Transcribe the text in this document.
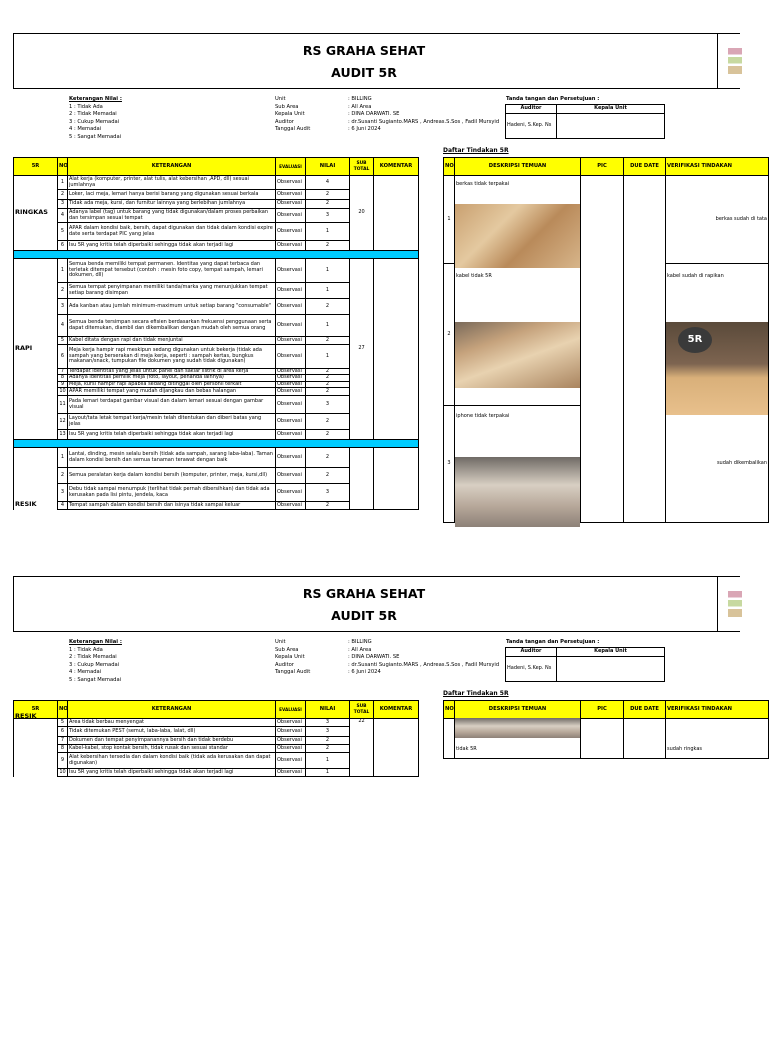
RS GRAHA SEHAT
AUDIT 5R
Keterangan Nilai :
1 : Tidak Ada
2 : Tidak Memadai
3 : Cukup Memadai
4 : Memadai
5 : Sangat Memadai
Unit
Sub Area
Kepala Unit
Auditor
Tanggal Audit
: BILLING
: All Area
: DINA DARWATI. SE
: dr.Susanti Sugianto.MARS , Andreas.S.Sos , Fadil Mursyid
: 6 Juni 2024
Tanda tangan dan Persetujuan :
Auditor	Kepala Unit
Hadeni, S.Kep. Ns	
5R	NO	KETERANGAN	EVALUASI	NILAI	SUB TOTAL	KOMENTAR
RINGKAS	1	Alat kerja (komputer, printer, alat tulis, alat kebersihan ,APD, dll) sesuai jumlahnya	Observasi	4	20	
	2	Loker, laci meja, lemari hanya berisi barang yang digunakan sesuai berkala	Observasi	2		
	3	Tidak ada meja, kursi, dan furnitur lainnya yang berlebihan jumlahnya	Observasi	2		
	4	Adanya label (tag) untuk barang yang tidak digunakan/dalam proses perbaikan dan tersimpan sesuai tempat	Observasi	3		
	5	APAR dalam kondisi baik, bersih, dapat digunakan dan tidak dalam kondisi expire date serta terdapat PIC yang jelas	Observasi	1		
	6	Isu 5R yang kritis telah diperbaiki sehingga tidak akan terjadi lagi	Observasi	2		

RAPI	1	Semua benda memiliki tempat permanen. Identitas yang dapat terbaca dan terletak ditempat tersebut (contoh : mesin foto copy, tempat sampah, lemari dokumen, dll)	Observasi	1	27	
	2	Semua tempat penyimpanan memiliki tanda/marka yang menunjukkan tempat setiap barang disimpan	Observasi	1		
	3	Ada kanban atau jumlah minimum-maximum untuk setiap barang "consumable"	Observasi	2		
	4	Semua benda tersimpan secara efisien berdasarkan frekuensi penggunaan serta dapat ditemukan, diambil dan dikembalikan dengan mudah oleh semua orang	Observasi	1		
	5	Kabel ditata dengan rapi dan tidak menjuntai	Observasi	2		
	6	Meja kerja hampir rapi meskipun sedang digunakan untuk bekerja (tidak ada sampah yang berserakan di meja kerja, seperti : sampah kertas, bungkus makanan/snack, tumpukan file dokumen yang sudah tidak digunakan)	Observasi	1		
	7	Terdapat identitas yang jelas untuk panel dan saklar listrik di area kerja	Observasi	2		
	8	Adanya identitas pemilik meja (foto, layout, penanda lainnya)	Observasi	2		
	9	Meja, kursi hampir rapi apabila sedang ditinggal oleh personil terkait	Observasi	2		
	10	APAR memiliki tempat yang mudah dijangkau dan bebas halangan	Observasi	2		
	11	Pada lemari terdapat gambar visual dan dalam lemari sesuai dengan gambar visual	Observasi	3		
	12	Layout/tata letak tempat kerja/mesin telah ditentukan dan diberi batas yang jelas	Observasi	2		
	13	Isu 5R yang kritis telah diperbaiki sehingga tidak akan terjadi lagi	Observasi	2		

RESIK	1	Lantai, dinding, mesin selalu bersih (tidak ada sampah, sarang laba-laba). Taman dalam kondisi bersih dan semua tanaman terawat dengan baik	Observasi	2		
	2	Semua peralatan kerja dalam kondisi bersih (komputer, printer, meja, kursi,dll)	Observasi	2		
	3	Debu tidak sampai menumpuk (terlihat tidak pernah dibersihkan) dan tidak ada kerusakan pada lisi pintu, jendela, kaca	Observasi	3		
	4	Tempat sampah dalam kondisi bersih dan isinya tidak sampai keluar	Observasi	2		
Daftar Tindakan 5R
NO	DESKRIPSI TEMUAN	PIC	DUE DATE	VERIFIKASI TINDAKAN
1	berkas tidak terpakai			berkas sudah di tata
2	kabel tidak 5R			kabel sudah di rapikan
3	iphone tidak terpakai			sudah dikembalikan
5R
RS GRAHA SEHAT
AUDIT 5R
Keterangan Nilai :
1 : Tidak Ada
2 : Tidak Memadai
3 : Cukup Memadai
4 : Memadai
5 : Sangat Memadai
Unit
Sub Area
Kepala Unit
Auditor
Tanggal Audit
: BILLING
: All Area
: DINA DARWATI. SE
: dr.Susanti Sugianto.MARS , Andreas.S.Sos , Fadil Mursyid
: 6 Juni 2024
Tanda tangan dan Persetujuan :
Auditor	Kepala Unit
Hadeni, S.Kep. Ns	
5R	NO	KETERANGAN	EVALUASI	NILAI	SUB TOTAL	KOMENTAR
RESIK	5	Area tidak berbau menyengat	Observasi	3	22	
	6	Tidak ditemukan PEST (semut, laba-laba, lalat, dll)	Observasi	3		
	7	Dokumen dan tempat penyimpanannya bersih dan tidak berdebu	Observasi	2		
	8	Kabel-kabel, stop kontak bersih, tidak rusak dan sesuai standar	Observasi	2		
	9	Alat kebersihan tersedia dan dalam kondisi baik (tidak ada kerusakan dan dapat digunakan)	Observasi	1		
	10	Isu 5R yang kritis telah diperbaiki sehingga tidak akan terjadi lagi	Observasi	1		
Daftar Tindakan 5R
NO	DESKRIPSI TEMUAN	PIC	DUE DATE	VERIFIKASI TINDAKAN
	tidak 5R			sudah ringkas
